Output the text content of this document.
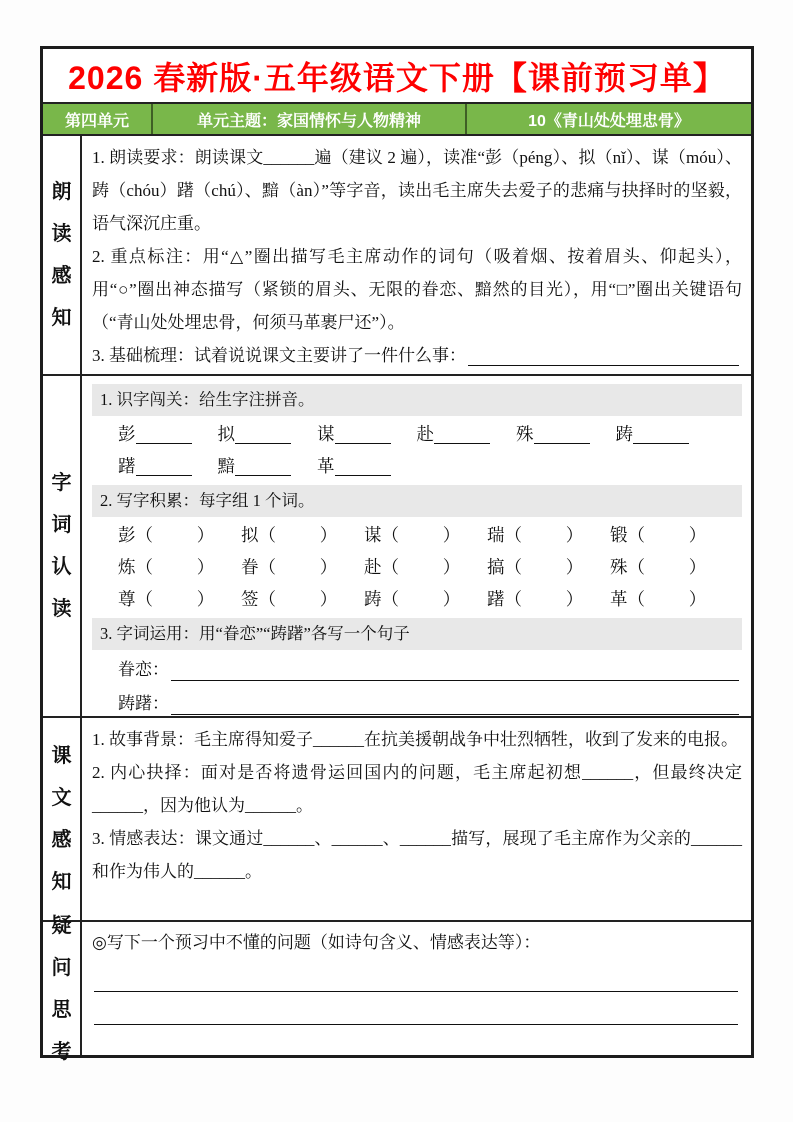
2026 春新版·五年级语文下册【课前预习单】
第四单元	单元主题：家国情怀与人物精神	10《青山处处埋忠骨》
朗读感知

1. 朗读要求：朗读课文______遍（建议 2 遍），读准“彭（péng）、拟（nǐ）、谋（móu）、踌（chóu）躇（chú）、黯（àn）”等字音，读出毛主席失去爱子的悲痛与抉择时的坚毅，语气深沉庄重。

2. 重点标注：用“△”圈出描写毛主席动作的词句（吸着烟、按着眉头、仰起头），用“○”圈出神态描写（紧锁的眉头、无限的眷恋、黯然的目光），用“□”圈出关键语句（“青山处处埋忠骨，何须马革裹尸还”）。

3. 基础梳理：试着说说课文主要讲了一件什么事：

字词认读
1. 识字闯关：给生字注拼音。
彭	拟	谋	赴	殊	踌
躇	黯	革
2. 写字积累：每字组 1 个词。
彭（          ）	拟（          ）	谋（          ）	瑞（          ）	锻（          ）
炼（          ）	眷（          ）	赴（          ）	搞（          ）	殊（          ）
尊（          ）	签（          ）	踌（          ）	躇（          ）	革（          ）
3. 字词运用：用“眷恋”“踌躇”各写一个句子

眷恋：

踌躇：

课文感知

1. 故事背景：毛主席得知爱子______在抗美援朝战争中壮烈牺牲，收到了发来的电报。

2. 内心抉择：面对是否将遗骨运回国内的问题，毛主席起初想______，但最终决定______，因为他认为______。

3. 情感表达：课文通过______、______、______描写，展现了毛主席作为父亲的______和作为伟人的______。

疑问思考

◎写下一个预习中不懂的问题（如诗句含义、情感表达等）：
